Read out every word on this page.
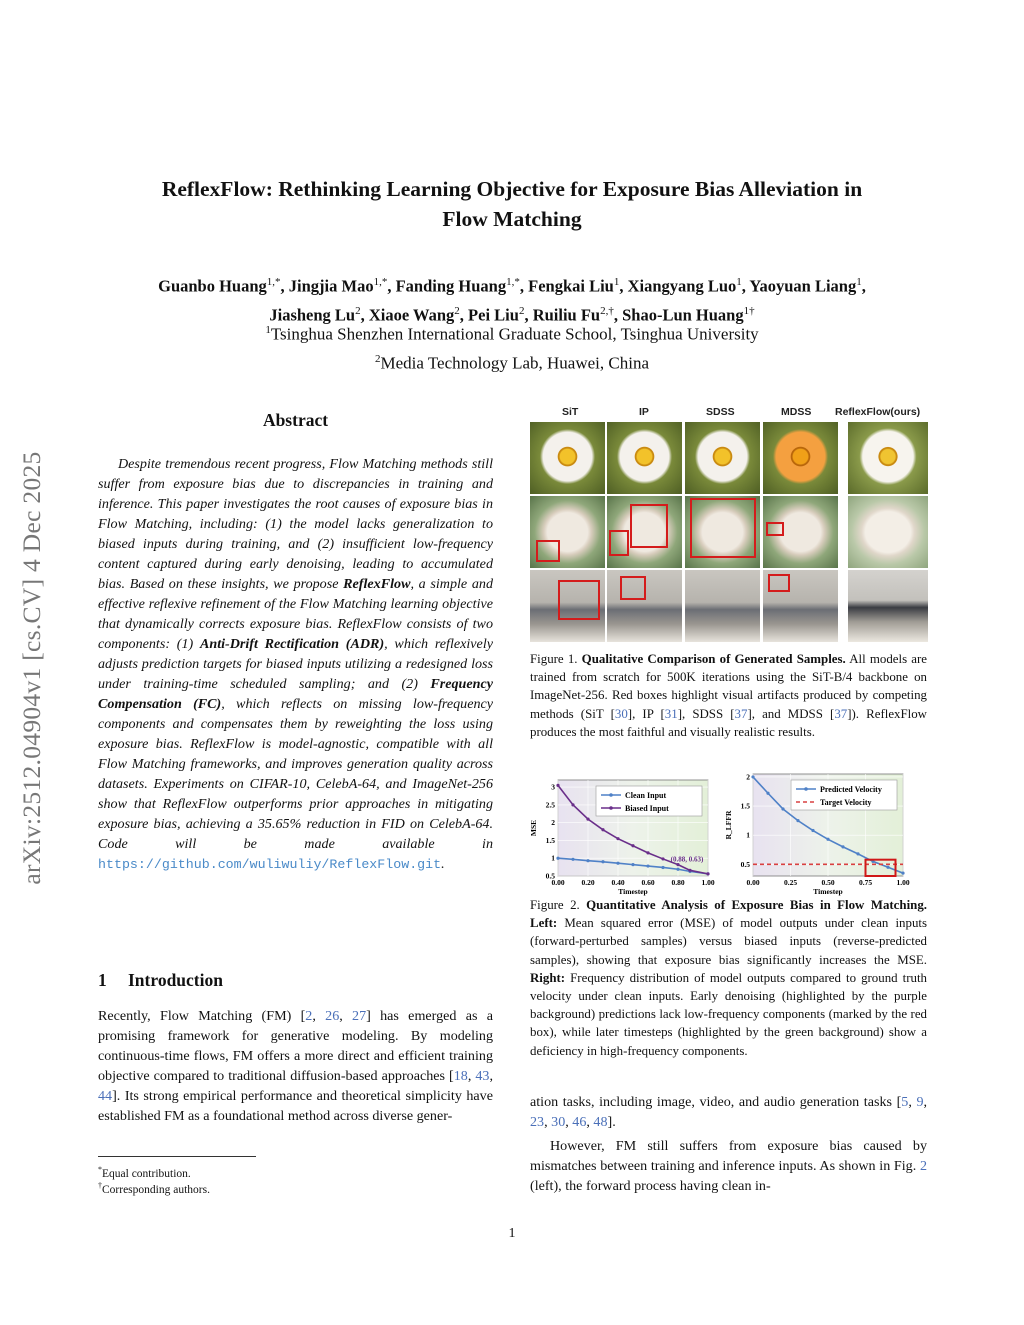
ReflexFlow: Rethinking Learning Objective for Exposure Bias Alleviation in
Flow Matching
Guanbo Huang$^{1,*}$, Jingjia Mao$^{1,*}$, Fanding Huang$^{1,*}$, Fengkai Liu$^1$, Xiangyang Luo$^1$, Yaoyuan Liang$^1$,
Jiasheng Lu$^2$, Xiaoe Wang$^2$, Pei Liu$^2$, Ruiliu $Fu^{2,\dagger}$, Shao-Lun Huang$^{1\dagger}$
$^1$Tsinghua Shenzhen International Graduate School, Tsinghua University
$^2$Media Technology Lab, Huawei, China
arXiv:2512.04904v1 [cs.CV] 4 Dec 2025
Abstract
Despite tremendous recent progress, Flow Matching methods still suffer from exposure bias due to discrepancies in training and inference. This paper investigates the root causes of exposure bias in Flow Matching, including: (1) the model lacks generalization to biased inputs during training, and (2) insufficient low-frequency content captured during early denoising, leading to accumulated bias. Based on these insights, we propose ReflexFlow, a simple and effective reflexive refinement of the Flow Matching learning objective that dynamically corrects exposure bias. ReflexFlow consists of two components: (1) Anti-Drift Rectification (ADR), which reflexively adjusts prediction targets for biased inputs utilizing a redesigned loss under training-time scheduled sampling; and (2) Frequency Compensation (FC), which reflects on missing low-frequency components and compensates them by reweighting the loss using exposure bias. ReflexFlow is model-agnostic, compatible with all Flow Matching frameworks, and improves generation quality across datasets. Experiments on CIFAR-10, CelebA-64, and ImageNet-256 show that ReflexFlow outperforms prior approaches in mitigating exposure bias, achieving a 35.65% reduction in FID on CelebA-64. Code will be made available in https://github.com/wuliwuliy/ReflexFlow.git.
1 Introduction
Recently, Flow Matching (FM) [2, 26, 27] has emerged as a promising framework for generative modeling. By modeling continuous-time flows, FM offers a more direct and efficient training objective compared to traditional diffusion-based approaches [18, 43, 44]. Its strong empirical performance and theoretical simplicity have established FM as a foundational method across diverse gener-
*Equal contribution.
†Corresponding authors.
SiT	IP	SDSS	MDSS ReflexFlow(ours)
Figure 1. Qualitative Comparison of Generated Samples. All models are trained from scratch for 500K iterations using the SiT-B/4 backbone on ImageNet-256. Red boxes highlight visual artifacts produced by competing methods (SiT [30], IP [31], SDSS [37], and MDSS [37]). ReflexFlow produces the most faithful and visually realistic results.
0.00 0.20 0.40 0.60 0.80 1.00
0.5
1
1.5
2
2.5
3
Timestep
MSE
Clean Input
Biased Input
(0.88, 0.63)
0.00	0.25	0.50	0.75	1.00
0.5
1
1.5
2
Timestep
R_LFFR
Predicted Velocity
Target Velocity
Figure 2. Quantitative Analysis of Exposure Bias in Flow Matching. Left: Mean squared error (MSE) of model outputs under clean inputs (forward-perturbed samples) versus biased inputs (reverse-predicted samples), showing that exposure bias significantly increases the MSE. Right: Frequency distribution of model outputs compared to ground truth velocity under clean inputs. Early denoising (highlighted by the purple background) predictions lack low-frequency components (marked by the red box), while later timesteps (highlighted by the green background) show a deficiency in high-frequency components.
ation tasks, including image, video, and audio generation tasks [5, 9, 23, 30, 46, 48].
However, FM still suffers from exposure bias caused by mismatches between training and inference inputs. As shown in Fig. 2 (left), the forward process having clean in-
1
